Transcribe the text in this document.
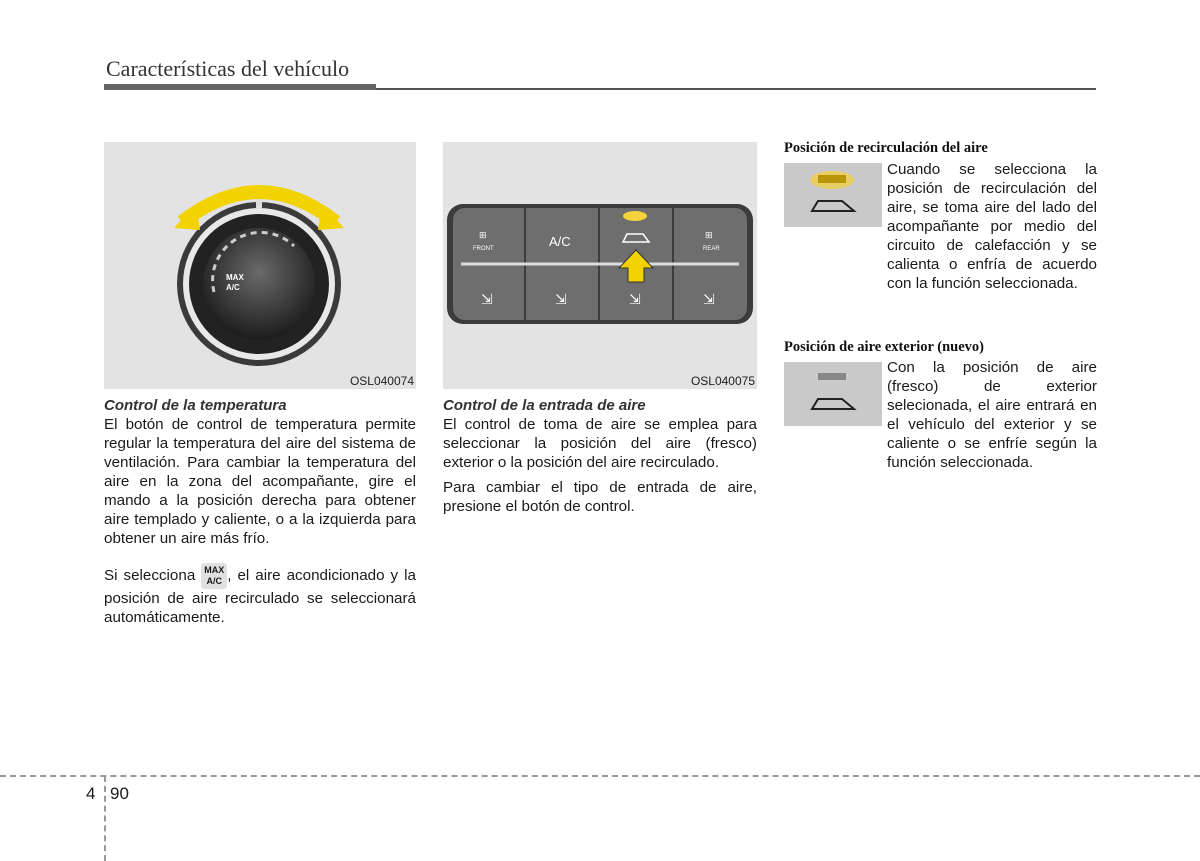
Características del vehículo
MAX
A/C
OSL040074
⊞
FRONT	A/C	⊞
REAR
⇲	⇲	⇲	⇲
OSL040075

Control de la temperatura

El botón de control de temperatura permite regular la temperatura del aire del sistema de ventilación. Para cambiar la temperatura del aire en la zona del acompañante, gire el mando a la posición derecha para obtener aire templado y caliente, o a la izquierda para obtener un aire más frío.

Si selecciona	MAX
A/C , el aire acondicionado y la posición de aire recirculado se seleccionará automáticamente.

Control de la entrada de aire

El control de toma de aire se emplea para seleccionar la posición del aire (fresco) exterior o la posición del aire recirculado.

Para cambiar el tipo de entrada de aire, presione el botón de control.

Posición de recirculación del aire
Cuando se selecciona la posición de recirculación del aire, se toma aire del lado del acompañante por medio del circuito de calefacción y se calienta o enfría de acuerdo con la función seleccionada.
Posición de aire exterior (nuevo)
Con la posición de aire (fresco) de exterior selecionada, el aire entrará en el vehículo del exterior y se caliente o se enfríe según la función seleccionada.
4 90
